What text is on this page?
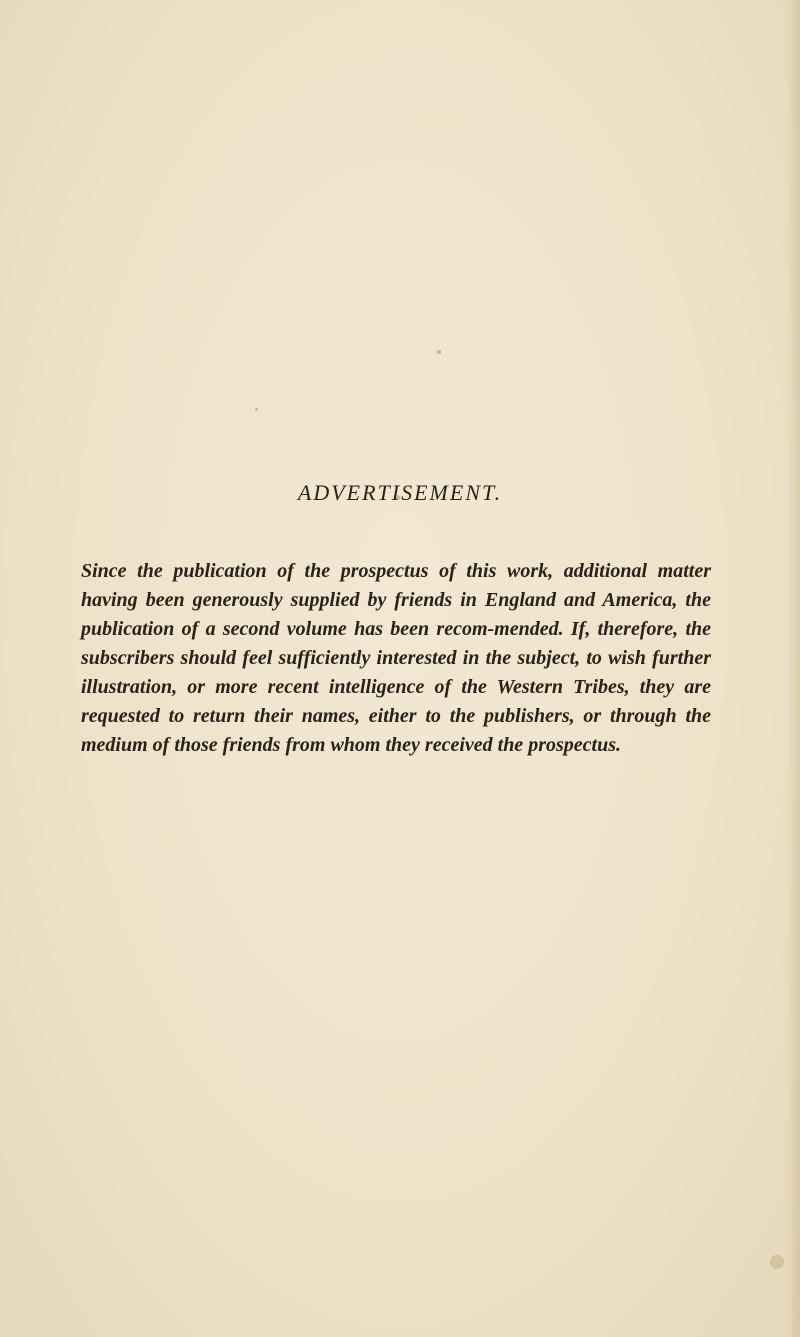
ADVERTISEMENT.

Since the publication of the prospectus of this work, additional matter having been generously supplied by friends in England and America, the publication of a second volume has been recom-mended. If, therefore, the subscribers should feel sufficiently interested in the subject, to wish further illustration, or more recent intelligence of the Western Tribes, they are requested to return their names, either to the publishers, or through the medium of those friends from whom they received the prospectus.
